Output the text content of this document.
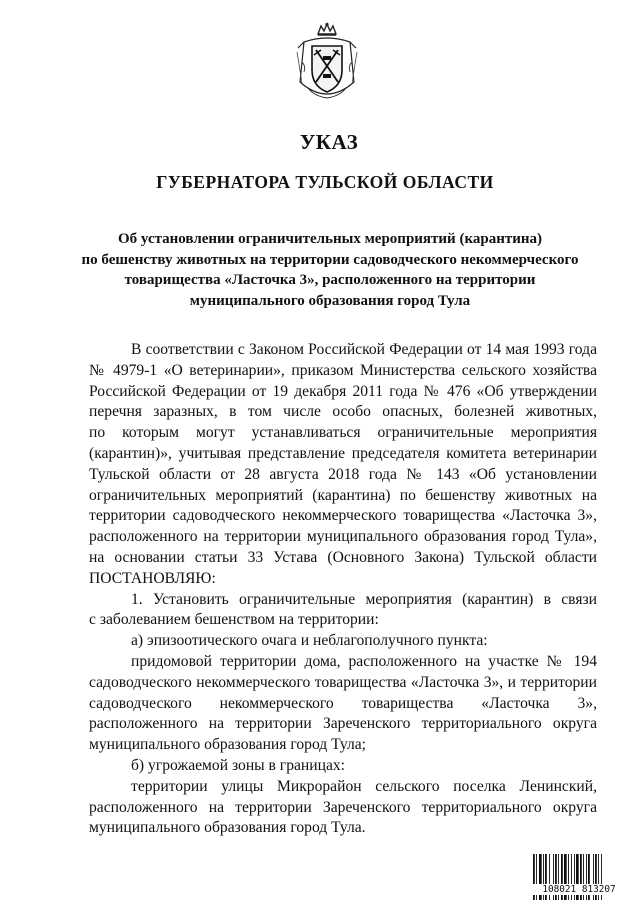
УКАЗ
ГУБЕРНАТОРА ТУЛЬСКОЙ ОБЛАСТИ
Об установлении ограничительных мероприятий (карантина)
по бешенству животных на территории садоводческого некоммерческого
товарищества «Ласточка 3», расположенного на территории
муниципального образования город Тула
В соответствии с Законом Российской Федерации от 14 мая 1993 года
№ 4979-1 «О ветеринарии», приказом Министерства сельского хозяйства
Российской Федерации от 19 декабря 2011 года № 476 «Об утверждении
перечня заразных, в том числе особо опасных, болезней животных,
по которым могут устанавливаться ограничительные мероприятия
(карантин)», учитывая представление председателя комитета ветеринарии
Тульской области от 28 августа 2018 года № 143 «Об установлении
ограничительных мероприятий (карантина) по бешенству животных на
территории садоводческого некоммерческого товарищества «Ласточка 3»,
расположенного на территории муниципального образования город Тула»,
на основании статьи 33 Устава (Основного Закона) Тульской области
ПОСТАНОВЛЯЮ:
1. Установить ограничительные мероприятия (карантин) в связи
с заболеванием бешенством на территории:
а) эпизоотического очага и неблагополучного пункта:
придомовой территории дома, расположенного на участке № 194
садоводческого некоммерческого товарищества «Ласточка 3», и территории
садоводческого некоммерческого товарищества «Ласточка 3»,
расположенного на территории Зареченского территориального округа
муниципального образования город Тула;
б) угрожаемой зоны в границах:
территории улицы Микрорайон сельского поселка Ленинский,
расположенного на территории Зареченского территориального округа
муниципального образования город Тула.
108021 813207
